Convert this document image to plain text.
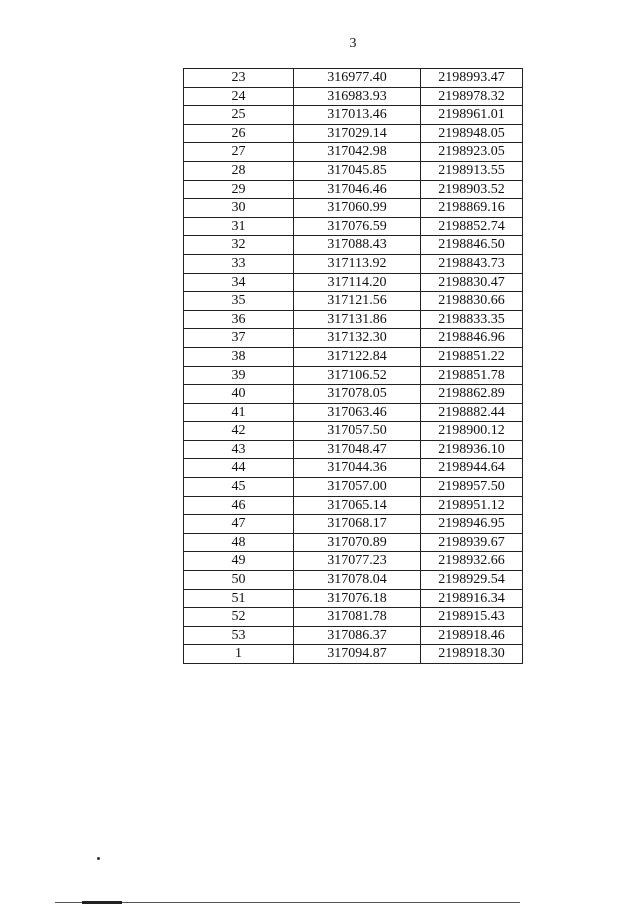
3
23	316977.40	2198993.47
24	316983.93	2198978.32
25	317013.46	2198961.01
26	317029.14	2198948.05
27	317042.98	2198923.05
28	317045.85	2198913.55
29	317046.46	2198903.52
30	317060.99	2198869.16
31	317076.59	2198852.74
32	317088.43	2198846.50
33	317113.92	2198843.73
34	317114.20	2198830.47
35	317121.56	2198830.66
36	317131.86	2198833.35
37	317132.30	2198846.96
38	317122.84	2198851.22
39	317106.52	2198851.78
40	317078.05	2198862.89
41	317063.46	2198882.44
42	317057.50	2198900.12
43	317048.47	2198936.10
44	317044.36	2198944.64
45	317057.00	2198957.50
46	317065.14	2198951.12
47	317068.17	2198946.95
48	317070.89	2198939.67
49	317077.23	2198932.66
50	317078.04	2198929.54
51	317076.18	2198916.34
52	317081.78	2198915.43
53	317086.37	2198918.46
1	317094.87	2198918.30
